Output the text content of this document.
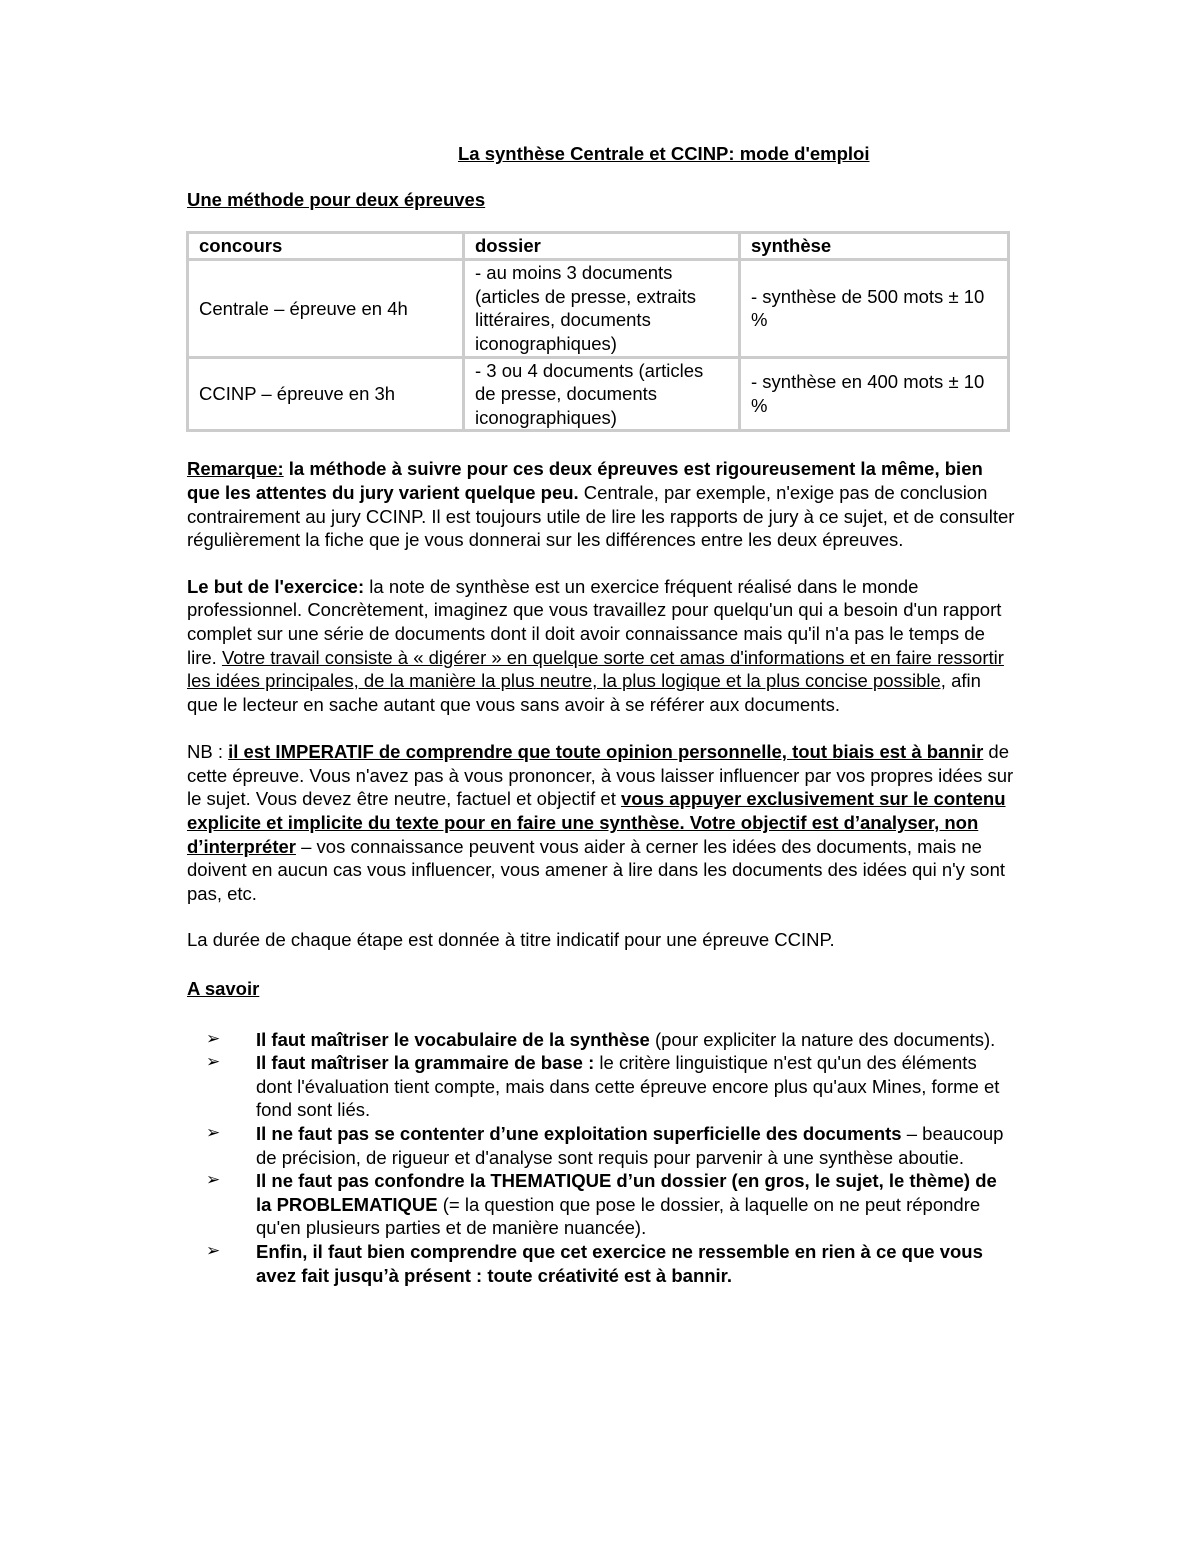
La synthèse Centrale et CCINP: mode d'emploi
Une méthode pour deux épreuves
concours	dossier	synthèse
Centrale – épreuve en 4h	- au moins 3 documents (articles de presse, extraits littéraires, documents iconographiques)	- synthèse de 500 mots ± 10 %
CCINP – épreuve en 3h	- 3 ou 4 documents (articles de presse, documents iconographiques)	- synthèse en 400 mots ± 10 %

Remarque: la méthode à suivre pour ces deux épreuves est rigoureusement la même, bien que les attentes du jury varient quelque peu. Centrale, par exemple, n'exige pas de conclusion contrairement au jury CCINP. Il est toujours utile de lire les rapports de jury à ce sujet, et de consulter régulièrement la fiche que je vous donnerai sur les différences entre les deux épreuves.

Le but de l'exercice: la note de synthèse est un exercice fréquent réalisé dans le monde professionnel. Concrètement, imaginez que vous travaillez pour quelqu'un qui a besoin d'un rapport complet sur une série de documents dont il doit avoir connaissance mais qu'il n'a pas le temps de lire. Votre travail consiste à « digérer » en quelque sorte cet amas d'informations et en faire ressortir les idées principales, de la manière la plus neutre, la plus logique et la plus concise possible, afin que le lecteur en sache autant que vous sans avoir à se référer aux documents.

NB : il est IMPERATIF de comprendre que toute opinion personnelle, tout biais est à bannir de cette épreuve. Vous n'avez pas à vous prononcer, à vous laisser influencer par vos propres idées sur le sujet. Vous devez être neutre, factuel et objectif et vous appuyer exclusivement sur le contenu explicite et implicite du texte pour en faire une synthèse. Votre objectif est d’analyser, non d’interpréter – vos connaissance peuvent vous aider à cerner les idées des documents, mais ne doivent en aucun cas vous influencer, vous amener à lire dans les documents des idées qui n'y sont pas, etc.

La durée de chaque étape est donnée à titre indicatif pour une épreuve CCINP.

A savoir
➢ Il faut maîtriser le vocabulaire de la synthèse (pour expliciter la nature des documents).
➢ Il faut maîtriser la grammaire de base : le critère linguistique n'est qu'un des éléments dont l'évaluation tient compte, mais dans cette épreuve encore plus qu'aux Mines, forme et fond sont liés.
➢ Il ne faut pas se contenter d’une exploitation superficielle des documents – beaucoup de précision, de rigueur et d'analyse sont requis pour parvenir à une synthèse aboutie.
➢ Il ne faut pas confondre la THEMATIQUE d’un dossier (en gros, le sujet, le thème) de la PROBLEMATIQUE (= la question que pose le dossier, à laquelle on ne peut répondre qu'en plusieurs parties et de manière nuancée).
➢ Enfin, il faut bien comprendre que cet exercice ne ressemble en rien à ce que vous avez fait jusqu’à présent : toute créativité est à bannir.
